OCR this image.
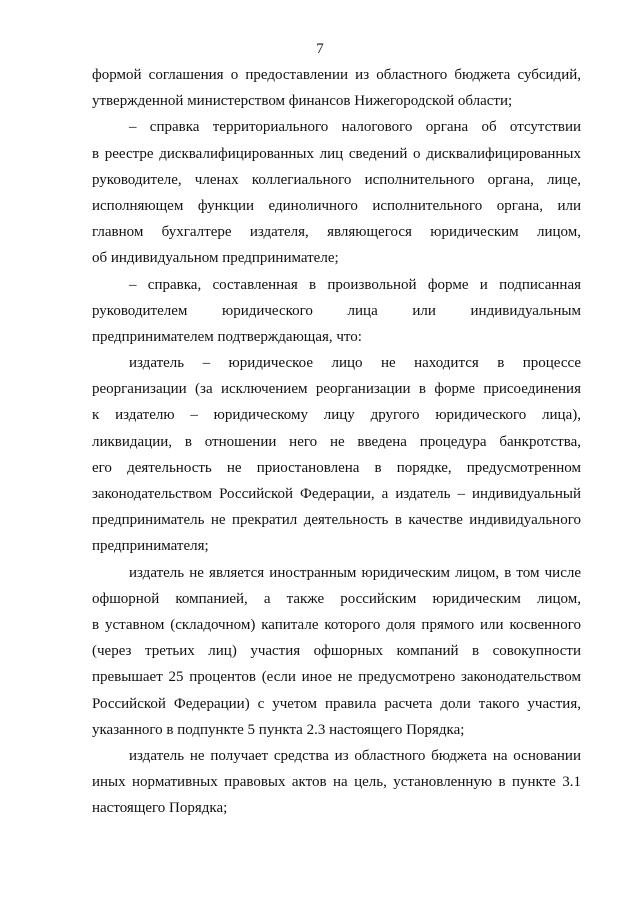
7
формой соглашения о предоставлении из областного бюджета субсидий,
утвержденной министерством финансов Нижегородской области;
– справка территориального налогового органа об отсутствии
в реестре дисквалифицированных лиц сведений о дисквалифицированных
руководителе, членах коллегиального исполнительного органа, лице,
исполняющем функции единоличного исполнительного органа, или
главном бухгалтере издателя, являющегося юридическим лицом,
об индивидуальном предпринимателе;
– справка, составленная в произвольной форме и подписанная
руководителем юридического лица или индивидуальным
предпринимателем подтверждающая, что:
издатель – юридическое лицо не находится в процессе
реорганизации (за исключением реорганизации в форме присоединения
к издателю – юридическому лицу другого юридического лица),
ликвидации, в отношении него не введена процедура банкротства,
его деятельность не приостановлена в порядке, предусмотренном
законодательством Российской Федерации, а издатель – индивидуальный
предприниматель не прекратил деятельность в качестве индивидуального
предпринимателя;
издатель не является иностранным юридическим лицом, в том числе
офшорной компанией, а также российским юридическим лицом,
в уставном (складочном) капитале которого доля прямого или косвенного
(через третьих лиц) участия офшорных компаний в совокупности
превышает 25 процентов (если иное не предусмотрено законодательством
Российской Федерации) с учетом правила расчета доли такого участия,
указанного в подпункте 5 пункта 2.3 настоящего Порядка;
издатель не получает средства из областного бюджета на основании
иных нормативных правовых актов на цель, установленную в пункте 3.1
настоящего Порядка;
